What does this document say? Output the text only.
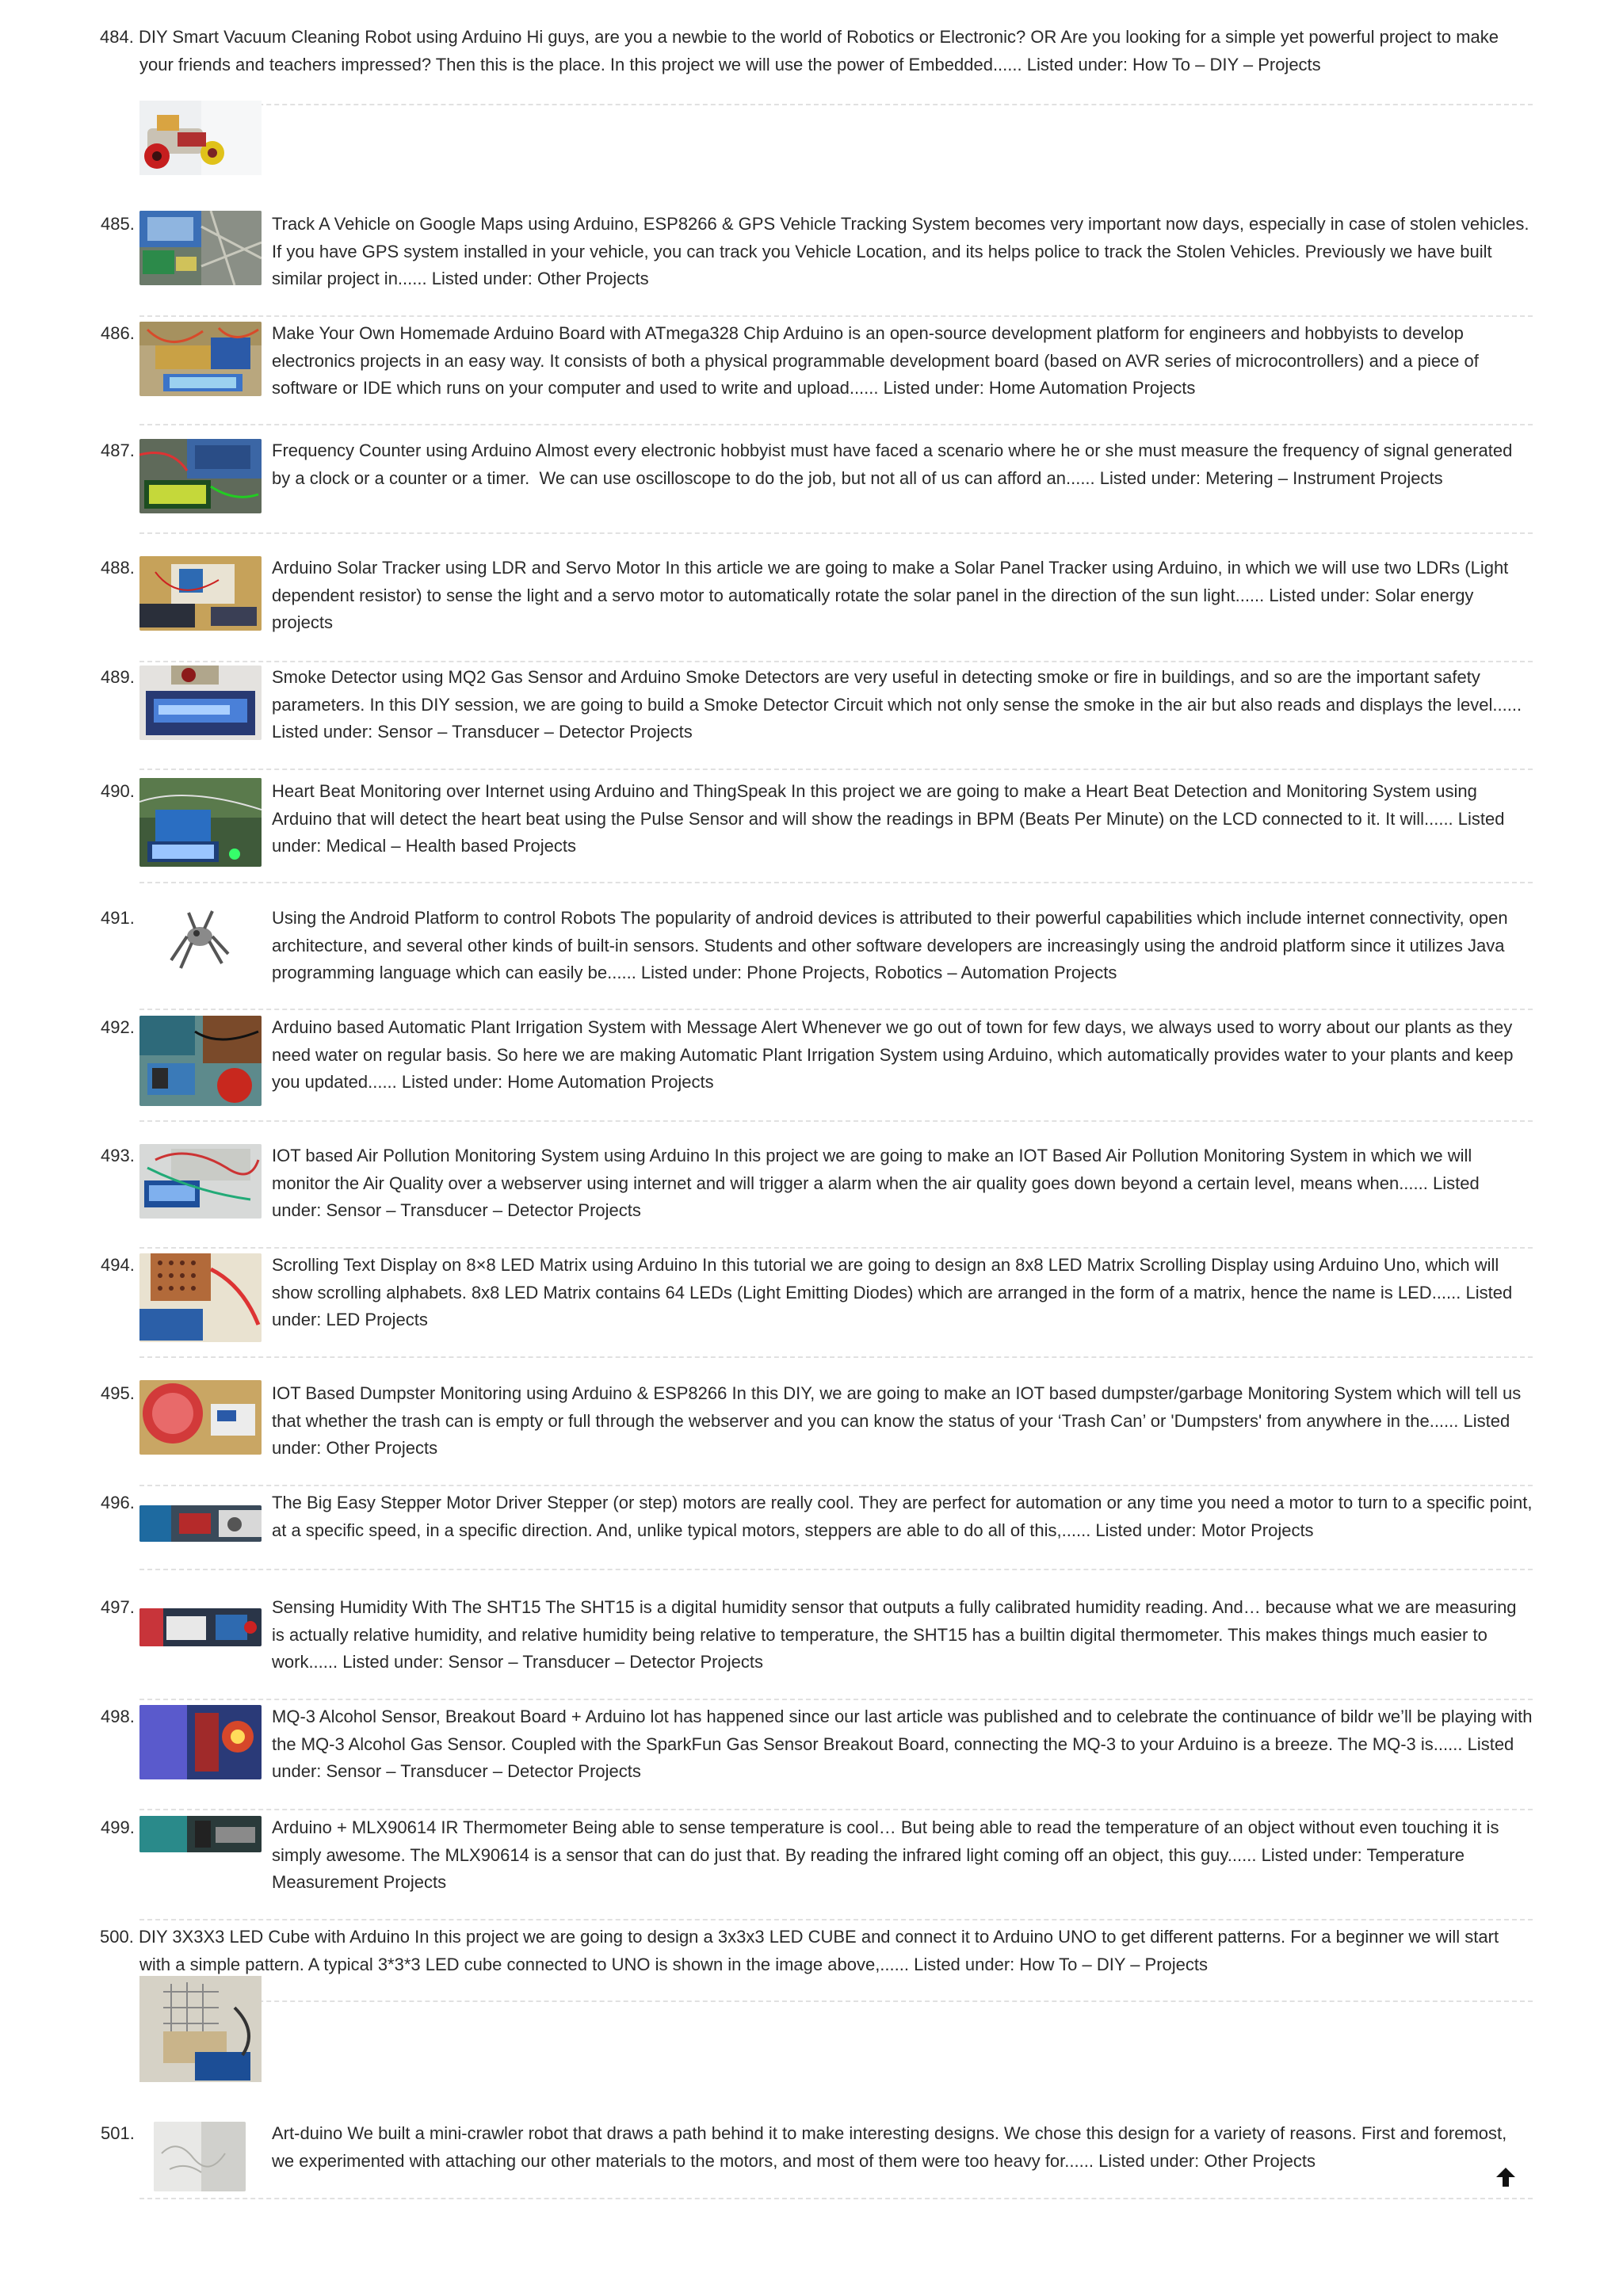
484. DIY Smart Vacuum Cleaning Robot using Arduino Hi guys, are you a newbie to the world of Robotics or Electronic? OR Are you looking for a simple yet powerful project to make your friends and teachers impressed? Then this is the place. In this project we will use the power of Embedded...... Listed under: How To – DIY – Projects
485.	Track A Vehicle on Google Maps using Arduino, ESP8266 & GPS Vehicle Tracking System becomes very important now days, especially in case of stolen vehicles. If you have GPS system installed in your vehicle, you can track you Vehicle Location, and its helps police to track the Stolen Vehicles. Previously we have built similar project in...... Listed under: Other Projects
486.	Make Your Own Homemade Arduino Board with ATmega328 Chip Arduino is an open-source development platform for engineers and hobbyists to develop electronics projects in an easy way. It consists of both a physical programmable development board (based on AVR series of microcontrollers) and a piece of software or IDE which runs on your computer and used to write and upload...... Listed under: Home Automation Projects
487.	Frequency Counter using Arduino Almost every electronic hobbyist must have faced a scenario where he or she must measure the frequency of signal generated by a clock or a counter or a timer.  We can use oscilloscope to do the job, but not all of us can afford an...... Listed under: Metering – Instrument Projects
488.	Arduino Solar Tracker using LDR and Servo Motor In this article we are going to make a Solar Panel Tracker using Arduino, in which we will use two LDRs (Light dependent resistor) to sense the light and a servo motor to automatically rotate the solar panel in the direction of the sun light...... Listed under: Solar energy projects
489.	Smoke Detector using MQ2 Gas Sensor and Arduino Smoke Detectors are very useful in detecting smoke or fire in buildings, and so are the important safety parameters. In this DIY session, we are going to build a Smoke Detector Circuit which not only sense the smoke in the air but also reads and displays the level...... Listed under: Sensor – Transducer – Detector Projects
490.	Heart Beat Monitoring over Internet using Arduino and ThingSpeak In this project we are going to make a Heart Beat Detection and Monitoring System using Arduino that will detect the heart beat using the Pulse Sensor and will show the readings in BPM (Beats Per Minute) on the LCD connected to it. It will...... Listed under: Medical – Health based Projects
491.	Using the Android Platform to control Robots The popularity of android devices is attributed to their powerful capabilities which include internet connectivity, open architecture, and several other kinds of built-in sensors. Students and other software developers are increasingly using the android platform since it utilizes Java programming language which can easily be...... Listed under: Phone Projects, Robotics – Automation Projects
492.	Arduino based Automatic Plant Irrigation System with Message Alert Whenever we go out of town for few days, we always used to worry about our plants as they need water on regular basis. So here we are making Automatic Plant Irrigation System using Arduino, which automatically provides water to your plants and keep you updated...... Listed under: Home Automation Projects
493.	IOT based Air Pollution Monitoring System using Arduino In this project we are going to make an IOT Based Air Pollution Monitoring System in which we will monitor the Air Quality over a webserver using internet and will trigger a alarm when the air quality goes down beyond a certain level, means when...... Listed under: Sensor – Transducer – Detector Projects
494.	Scrolling Text Display on 8×8 LED Matrix using Arduino In this tutorial we are going to design an 8x8 LED Matrix Scrolling Display using Arduino Uno, which will show scrolling alphabets. 8x8 LED Matrix contains 64 LEDs (Light Emitting Diodes) which are arranged in the form of a matrix, hence the name is LED...... Listed under: LED Projects
495.	IOT Based Dumpster Monitoring using Arduino & ESP8266 In this DIY, we are going to make an IOT based dumpster/garbage Monitoring System which will tell us that whether the trash can is empty or full through the webserver and you can know the status of your ‘Trash Can’ or 'Dumpsters' from anywhere in the...... Listed under: Other Projects
496.	The Big Easy Stepper Motor Driver Stepper (or step) motors are really cool. They are perfect for automation or any time you need a motor to turn to a specific point, at a specific speed, in a specific direction. And, unlike typical motors, steppers are able to do all of this,...... Listed under: Motor Projects
497.	Sensing Humidity With The SHT15 The SHT15 is a digital humidity sensor that outputs a fully calibrated humidity reading. And… because what we are measuring is actually relative humidity, and relative humidity being relative to temperature, the SHT15 has a builtin digital thermometer. This makes things much easier to work...... Listed under: Sensor – Transducer – Detector Projects
498.	MQ-3 Alcohol Sensor, Breakout Board + Arduino lot has happened since our last article was published and to celebrate the continuance of bildr we’ll be playing with the MQ-3 Alcohol Gas Sensor. Coupled with the SparkFun Gas Sensor Breakout Board, connecting the MQ-3 to your Arduino is a breeze. The MQ-3 is...... Listed under: Sensor – Transducer – Detector Projects
499.	Arduino + MLX90614 IR Thermometer Being able to sense temperature is cool… But being able to read the temperature of an object without even touching it is simply awesome. The MLX90614 is a sensor that can do just that. By reading the infrared light coming off an object, this guy...... Listed under: Temperature Measurement Projects
500. DIY 3X3X3 LED Cube with Arduino In this project we are going to design a 3x3x3 LED CUBE and connect it to Arduino UNO to get different patterns. For a beginner we will start with a simple pattern. A typical 3*3*3 LED cube connected to UNO is shown in the image above,...... Listed under: How To – DIY – Projects
501.	Art-duino We built a mini-crawler robot that draws a path behind it to make interesting designs. We chose this design for a variety of reasons. First and foremost, we experimented with attaching our other materials to the motors, and most of them were too heavy for...... Listed under: Other Projects
